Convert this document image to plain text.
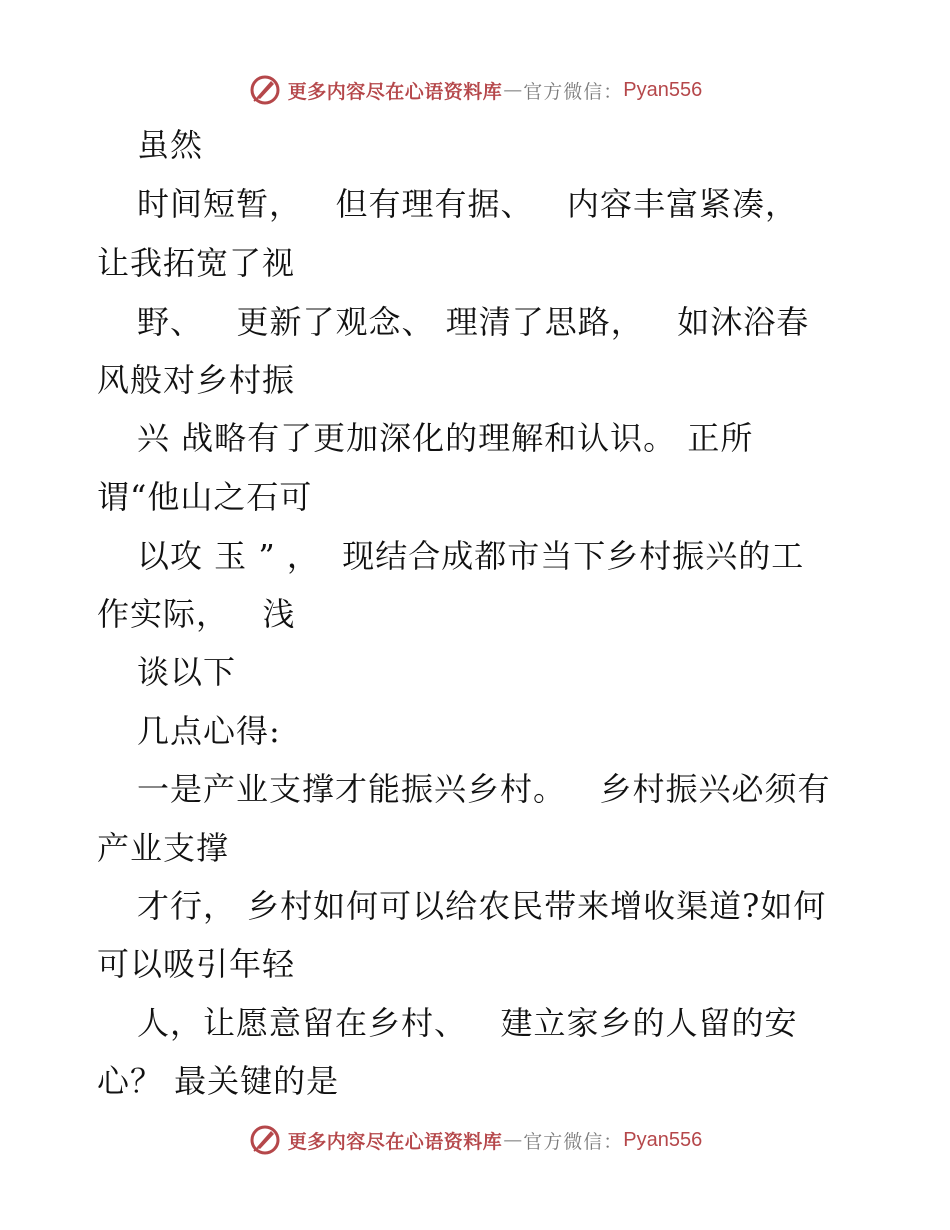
更多内容尽在心语资料库 — 官方微信： Pyan556
虽然
时间短暂，   但有理有据、   内容丰富紧凑，
让我拓宽了视
野、   更新了观念、 理清了思路，   如沐浴春
风般对乡村振
兴 战略有了更加深化的理解和认识。 正所
谓“他山之石可
以攻 玉 ” ，  现结合成都市当下乡村振兴的工
作实际，   浅
谈以下
几点心得:
一是产业支撑才能振兴乡村。   乡村振兴必须有
产业支撑
才行， 乡村如何可以给农民带来增收渠道?如何
可以吸引年轻
人，让愿意留在乡村、   建立家乡的人留的安
心？ 最关键的是
更多内容尽在心语资料库 — 官方微信： Pyan556
